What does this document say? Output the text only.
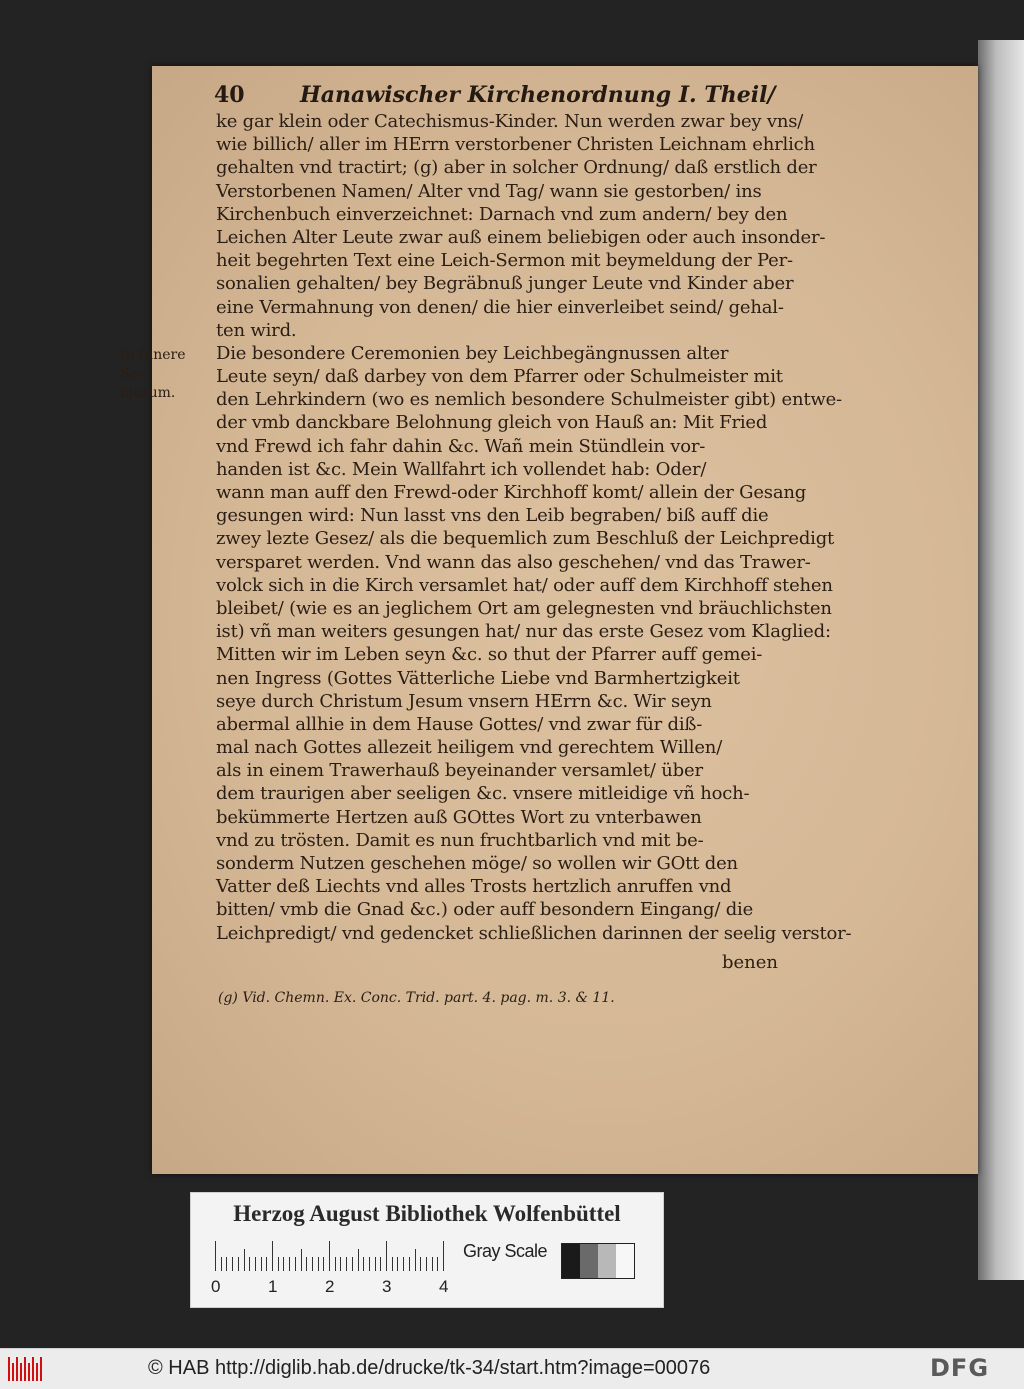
40	Hanawischer Kirchenordnung I. Theil/
In funere Se-
niorum.
ke gar klein oder Catechismus-Kinder. Nun werden zwar bey vns/
wie billich/ aller im HErrn verstorbener Christen Leichnam ehrlich
gehalten vnd tractirt; (g) aber in solcher Ordnung/ daß erstlich der
Verstorbenen Namen/ Alter vnd Tag/ wann sie gestorben/ ins
Kirchenbuch einverzeichnet: Darnach vnd zum andern/ bey den
Leichen Alter Leute zwar auß einem beliebigen oder auch insonder-
heit begehrten Text eine Leich-Sermon mit beymeldung der Per-
sonalien gehalten/ bey Begräbnuß junger Leute vnd Kinder aber
eine Vermahnung von denen/ die hier einverleibet seind/ gehal-
ten wird.
Die besondere Ceremonien bey Leichbegängnussen alter
Leute seyn/ daß darbey von dem Pfarrer oder Schulmeister mit
den Lehrkindern (wo es nemlich besondere Schulmeister gibt) entwe-
der vmb danckbare Belohnung gleich von Hauß an: Mit Fried
vnd Frewd ich fahr dahin &c. Wañ mein Stündlein vor-
handen ist &c. Mein Wallfahrt ich vollendet hab: Oder/
wann man auff den Frewd-oder Kirchhoff komt/ allein der Gesang
gesungen wird: Nun lasst vns den Leib begraben/ biß auff die
zwey lezte Gesez/ als die bequemlich zum Beschluß der Leichpredigt
versparet werden. Vnd wann das also geschehen/ vnd das Trawer-
volck sich in die Kirch versamlet hat/ oder auff dem Kirchhoff stehen
bleibet/ (wie es an jeglichem Ort am gelegnesten vnd bräuchlichsten
ist) vñ man weiters gesungen hat/ nur das erste Gesez vom Klaglied:
Mitten wir im Leben seyn &c. so thut der Pfarrer auff gemei-
nen Ingress (Gottes Vätterliche Liebe vnd Barmhertzigkeit
seye durch Christum Jesum vnsern HErrn &c. Wir seyn
abermal allhie in dem Hause Gottes/ vnd zwar für diß-
mal nach Gottes allezeit heiligem vnd gerechtem Willen/
als in einem Trawerhauß beyeinander versamlet/ über
dem traurigen aber seeligen &c. vnsere mitleidige vñ hoch-
bekümmerte Hertzen auß GOttes Wort zu vnterbawen
vnd zu trösten. Damit es nun fruchtbarlich vnd mit be-
sonderm Nutzen geschehen möge/ so wollen wir GOtt den
Vatter deß Liechts vnd alles Trosts hertzlich anruffen vnd
bitten/ vmb die Gnad &c.) oder auff besondern Eingang/ die
Leichpredigt/ vnd gedencket schließlichen darinnen der seelig verstor-
benen
(g) Vid. Chemn. Ex. Conc. Trid. part. 4. pag. m. 3. & 11.
Herzog August Bibliothek Wolfenbüttel
0	1	2	3	4
Gray Scale
© HAB http://diglib.hab.de/drucke/tk-34/start.htm?image=00076	DFG
